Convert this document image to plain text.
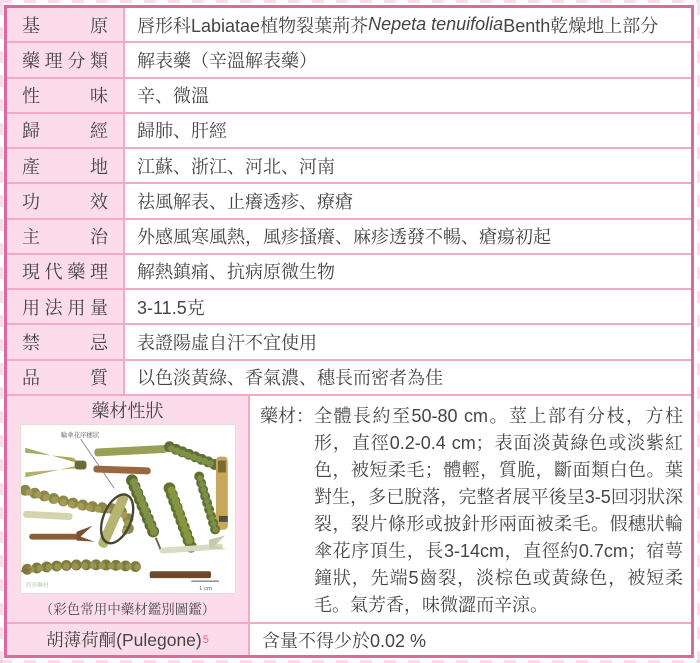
基原 唇形科Labiatae植物裂葉荊芥 Nepeta tenuifolia Benth乾燥地上部分
藥理分類	解表藥（辛溫解表藥）
性味	辛、微溫
歸經	歸肺、肝經
產地	江蘇、浙江、河北、河南
功效	祛風解表、止癢透疹、療瘡
主治	外感風寒風熱，風疹搔癢、麻疹透發不暢、瘡瘍初起
現代藥理	解熱鎮痛、抗病原微生物
用法用量	3-11.5克
禁忌	表證陽虛自汗不宜使用
品質	以色淡黃綠、香氣濃、穗長而密者為佳
藥材性狀
輪傘花序穗狀
荊芥藥材	1 cm
（彩色常用中藥材鑑別圖鑑）
藥材： 全體長約至50-80 cm。莖上部有分枝，方柱形，直徑0.2-0.4 cm；表面淡黃綠色或淡紫紅色，被短柔毛；體輕，質脆，斷面類白色。葉對生，多已脫落，完整者展平後呈3-5回羽狀深裂，裂片條形或披針形兩面被柔毛。假穗狀輪傘花序頂生，長3-14cm，直徑約0.7cm；宿萼鐘狀，先端5齒裂，淡棕色或黃綠色，被短柔毛。氣芳香，味微澀而辛涼。
胡薄荷酮(Pulegone) 5	含量不得少於0.02 %
